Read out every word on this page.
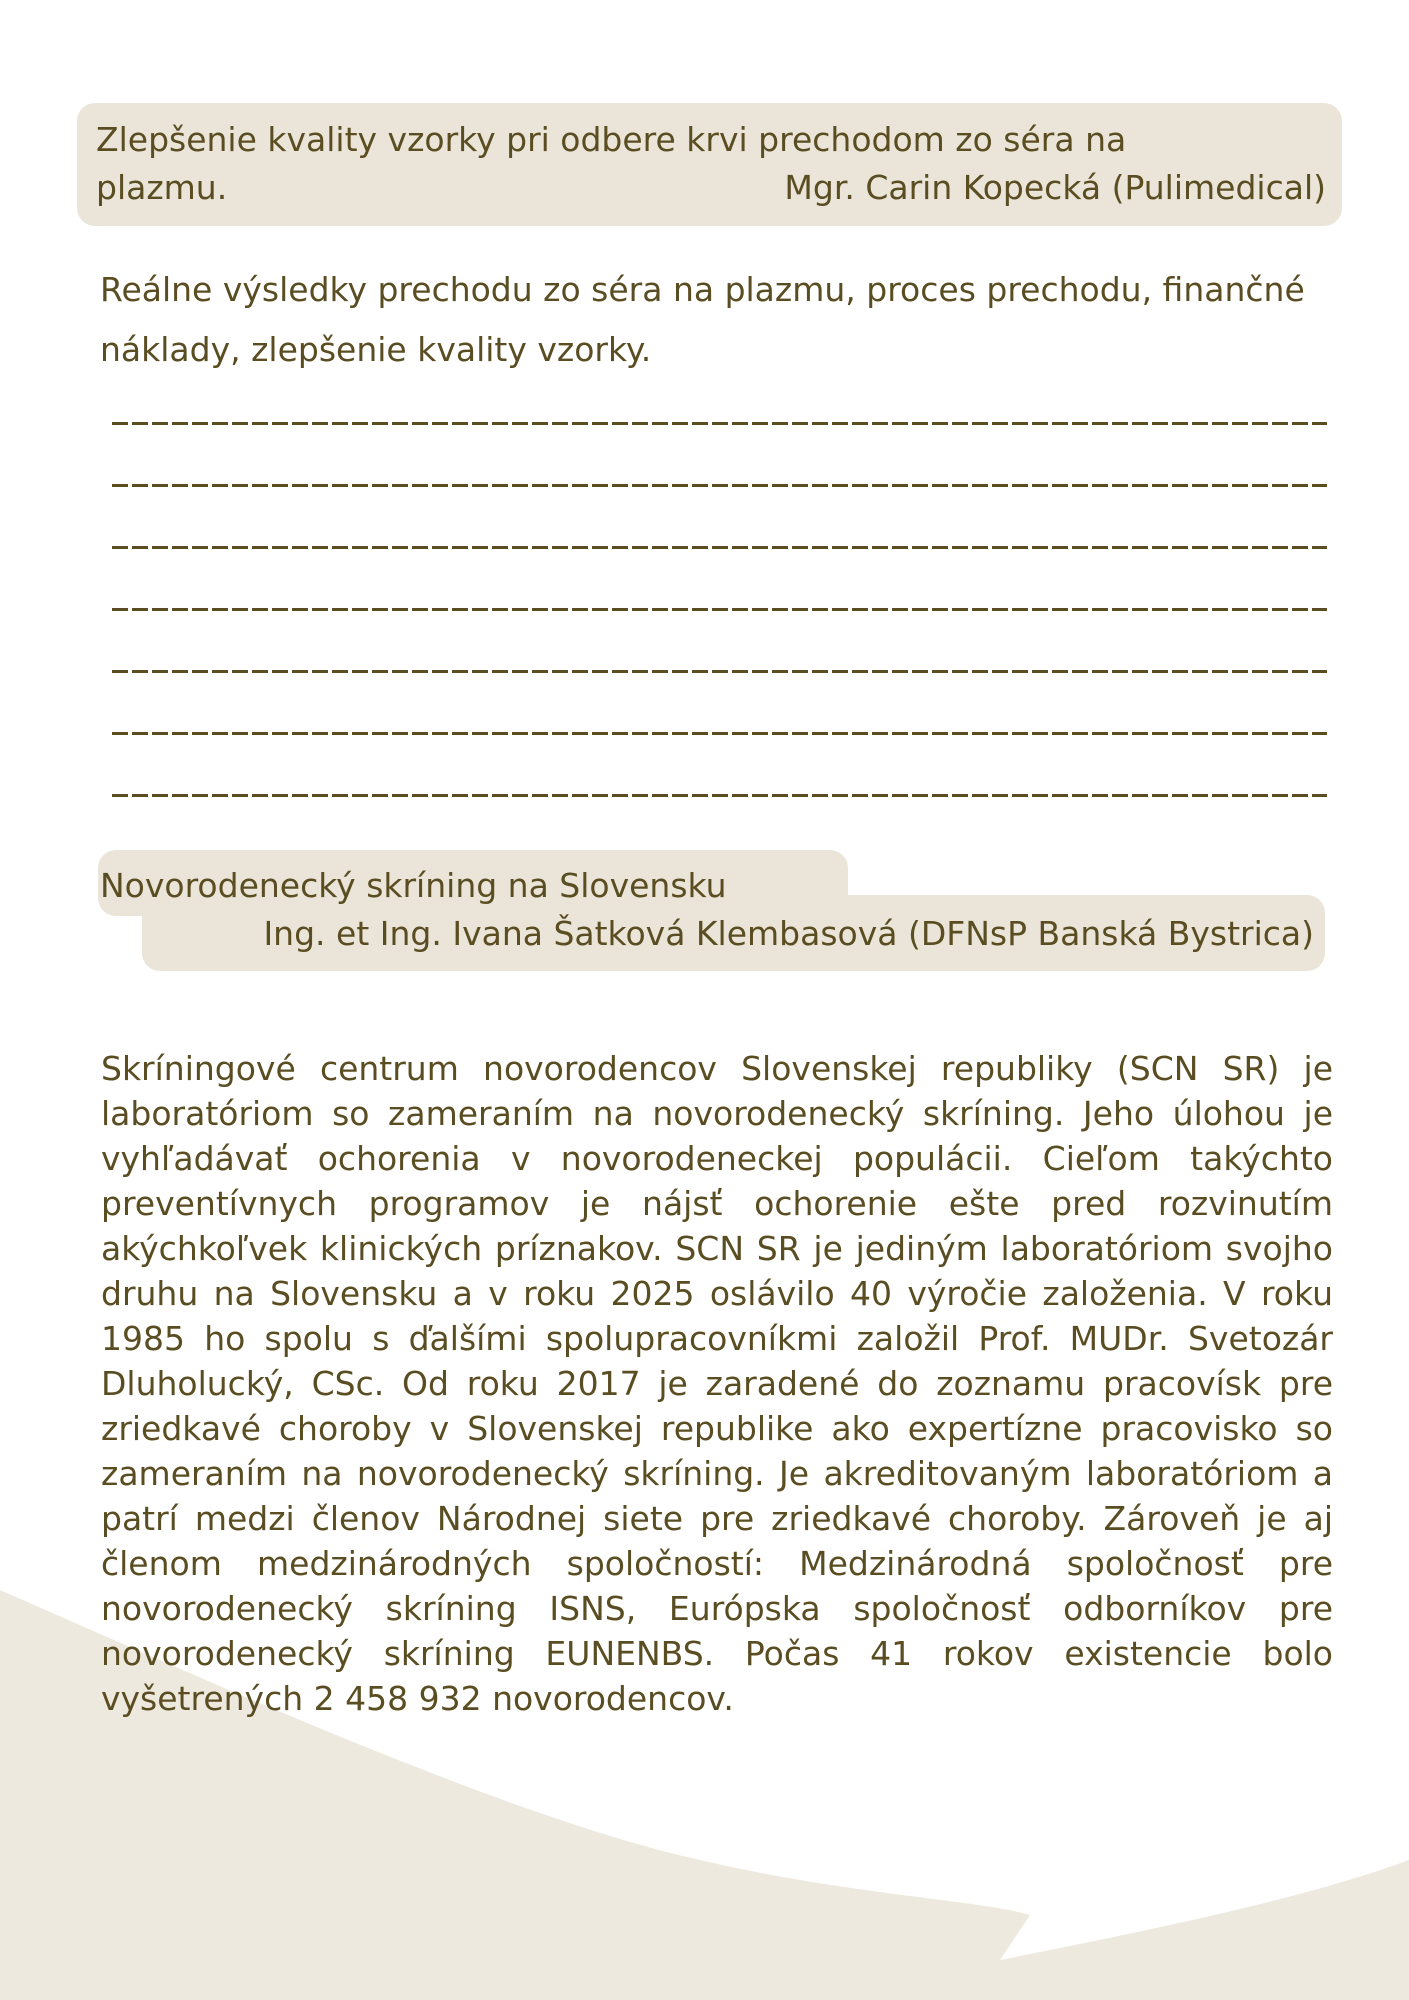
Zlepšenie kvality vzorky pri odbere krvi prechodom zo séra na
plazmu.	Mgr. Carin Kopecká (Pulimedical)
Reálne výsledky prechodu zo séra na plazmu, proces prechodu, finančné náklady, zlepšenie kvality vzorky.
Novorodenecký skríning na Slovensku
Ing. et Ing. Ivana Šatková Klembasová (DFNsP Banská Bystrica)
Skríningové centrum novorodencov Slovenskej republiky (SCN SR) je laboratóriom so zameraním na novorodenecký skríning. Jeho úlohou je vyhľadávať ochorenia v novorodeneckej populácii. Cieľom takýchto preventívnych programov je nájsť ochorenie ešte pred rozvinutím akýchkoľvek klinických príznakov. SCN SR je jediným laboratóriom svojho druhu na Slovensku a v roku 2025 oslávilo 40 výročie založenia. V roku 1985 ho spolu s ďalšími spolupracovníkmi založil Prof. MUDr. Svetozár Dluholucký, CSc. Od roku 2017 je zaradené do zoznamu pracovísk pre zriedkavé choroby v Slovenskej republike ako expertízne pracovisko so zameraním na novorodenecký skríning. Je akreditovaným laboratóriom a patrí medzi členov Národnej siete pre zriedkavé choroby. Zároveň je aj členom medzinárodných spoločností: Medzinárodná spoločnosť pre novorodenecký skríning ISNS, Európska spoločnosť odborníkov pre novorodenecký skríning EUNENBS. Počas 41 rokov existencie bolo vyšetrených 2 458 932 novorodencov.
